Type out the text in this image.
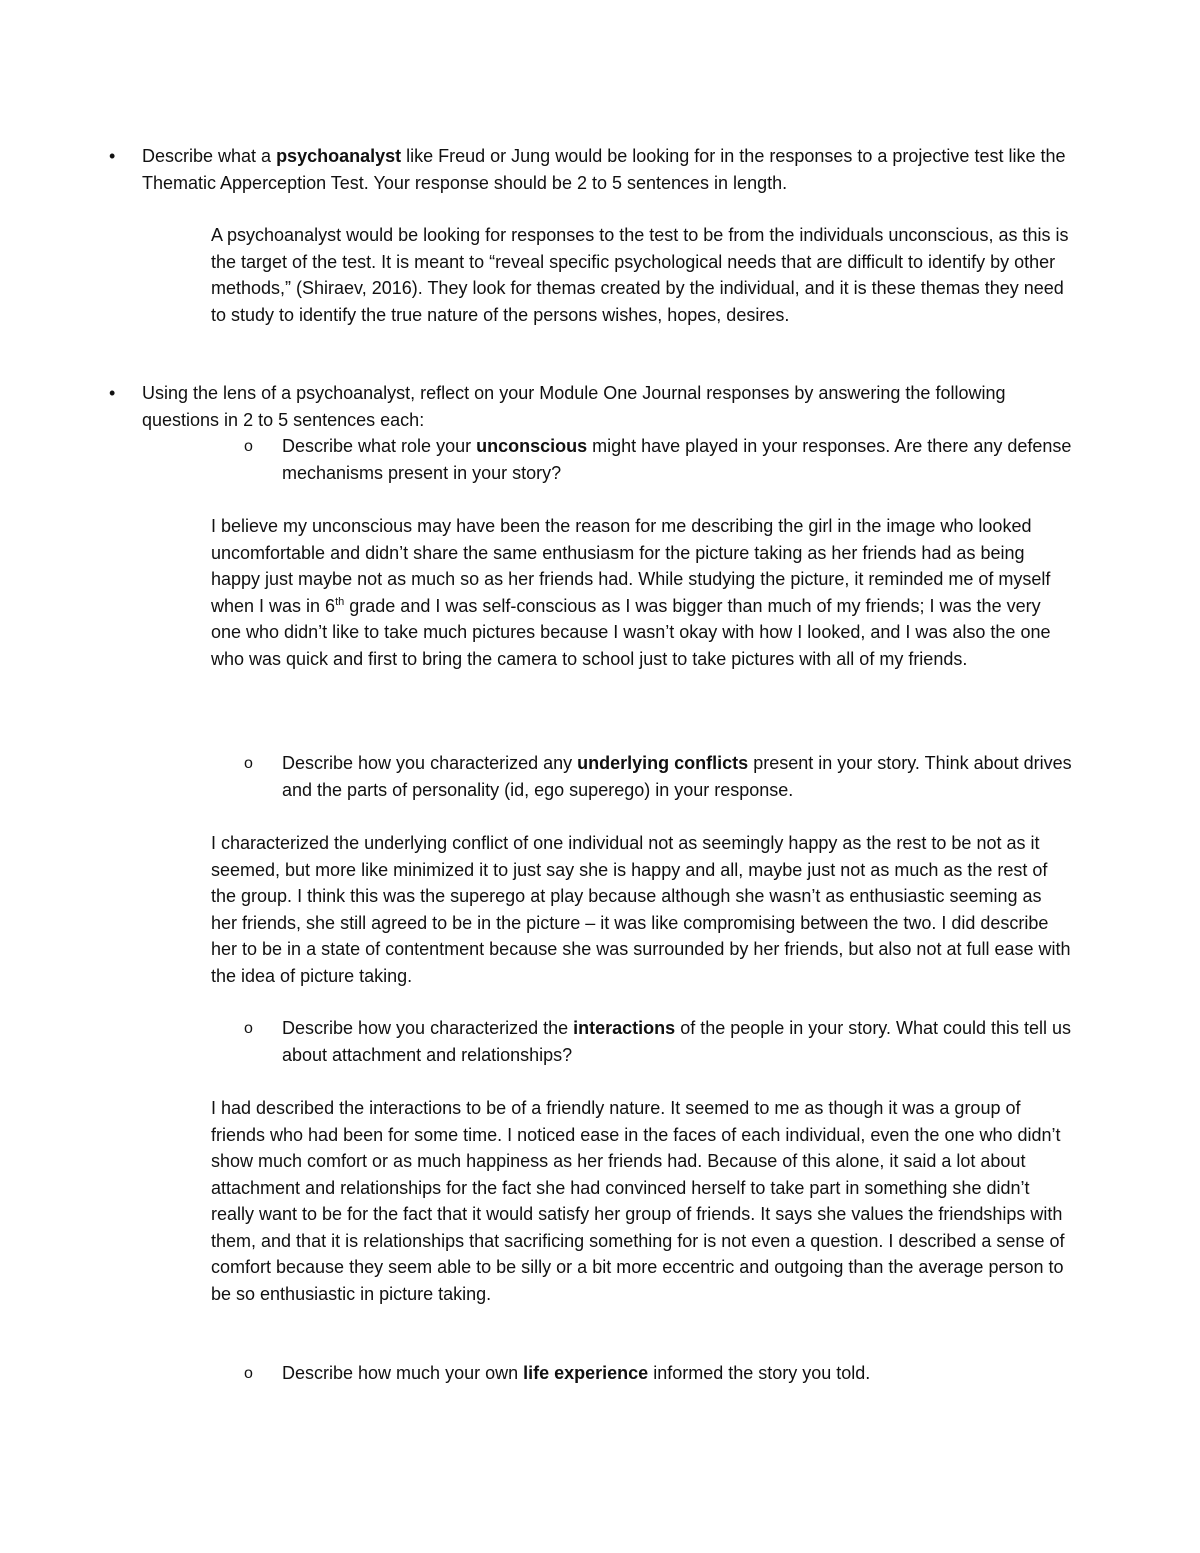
•	Describe what a psychoanalyst like Freud or Jung would be looking for in the responses to a projective test like the Thematic Apperception Test. Your response should be 2 to 5 sentences in length.
A psychoanalyst would be looking for responses to the test to be from the individuals unconscious, as this is the target of the test. It is meant to “reveal specific psychological needs that are difficult to identify by other methods,” (Shiraev, 2016). They look for themas created by the individual, and it is these themas they need to study to identify the true nature of the persons wishes, hopes, desires.
•	Using the lens of a psychoanalyst, reflect on your Module One Journal responses by answering the following questions in 2 to 5 sentences each:
o Describe what role your unconscious might have played in your responses. Are there any defense mechanisms present in your story?
I believe my unconscious may have been the reason for me describing the girl in the image who looked uncomfortable and didn’t share the same enthusiasm for the picture taking as her friends had as being happy just maybe not as much so as her friends had. While studying the picture, it reminded me of myself when I was in 6th grade and I was self-conscious as I was bigger than much of my friends; I was the very one who didn’t like to take much pictures because I wasn’t okay with how I looked, and I was also the one who was quick and first to bring the camera to school just to take pictures with all of my friends.
o Describe how you characterized any underlying conflicts present in your story. Think about drives and the parts of personality (id, ego superego) in your response.
I characterized the underlying conflict of one individual not as seemingly happy as the rest to be not as it seemed, but more like minimized it to just say she is happy and all, maybe just not as much as the rest of the group. I think this was the superego at play because although she wasn’t as enthusiastic seeming as her friends, she still agreed to be in the picture – it was like compromising between the two. I did describe her to be in a state of contentment because she was surrounded by her friends, but also not at full ease with the idea of picture taking.
o Describe how you characterized the interactions of the people in your story. What could this tell us about attachment and relationships?
I had described the interactions to be of a friendly nature. It seemed to me as though it was a group of friends who had been for some time. I noticed ease in the faces of each individual, even the one who didn’t show much comfort or as much happiness as her friends had. Because of this alone, it said a lot about attachment and relationships for the fact she had convinced herself to take part in something she didn’t really want to be for the fact that it would satisfy her group of friends. It says she values the friendships with them, and that it is relationships that sacrificing something for is not even a question. I described a sense of comfort because they seem able to be silly or a bit more eccentric and outgoing than the average person to be so enthusiastic in picture taking.
o Describe how much your own life experience informed the story you told.
